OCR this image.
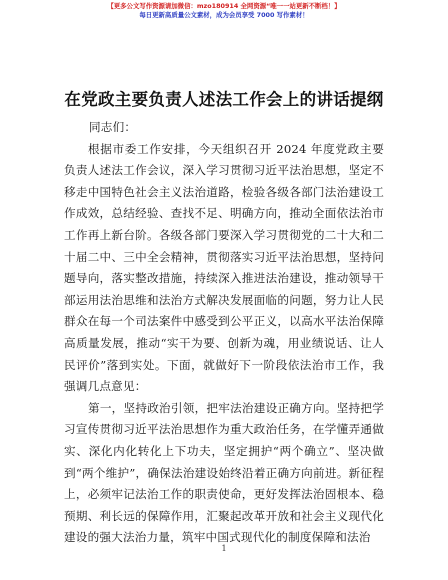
【更多公文写作资源请加微信：mzo180914 全网资源“唯一一站更新不断档！】
每日更新高质量公文素材，成为会员享受 7000 写作素材！
在党政主要负责人述法工作会上的讲话提纲

同志们：

根据市委工作安排，今天组织召开 2024 年度党政主要负责人述法工作会议，深入学习贯彻习近平法治思想，坚定不移走中国特色社会主义法治道路，检验各级各部门法治建设工作成效，总结经验、查找不足、明确方向，推动全面依法治市工作再上新台阶。各级各部门要深入学习贯彻党的二十大和二十届二中、三中全会精神，贯彻落实习近平法治思想，坚持问题导向，落实整改措施，持续深入推进法治建设，推动领导干部运用法治思维和法治方式解决发展面临的问题，努力让人民群众在每一个司法案件中感受到公平正义，以高水平法治保障高质量发展，推动“实干为要、创新为魂，用业绩说话、让人民评价”落到实处。下面，就做好下一阶段依法治市工作，我强调几点意见：

第一，坚持政治引领，把牢法治建设正确方向。坚持把学习宣传贯彻习近平法治思想作为重大政治任务，在学懂弄通做实、深化内化转化上下功夫，坚定拥护“两个确立”、坚决做到“两个维护”，确保法治建设始终沿着正确方向前进。新征程上，必须牢记法治工作的职责使命，更好发挥法治固根本、稳预期、利长远的保障作用，汇聚起改革开放和社会主义现代化建设的强大法治力量，筑牢中国式现代化的制度保障和法治

1
